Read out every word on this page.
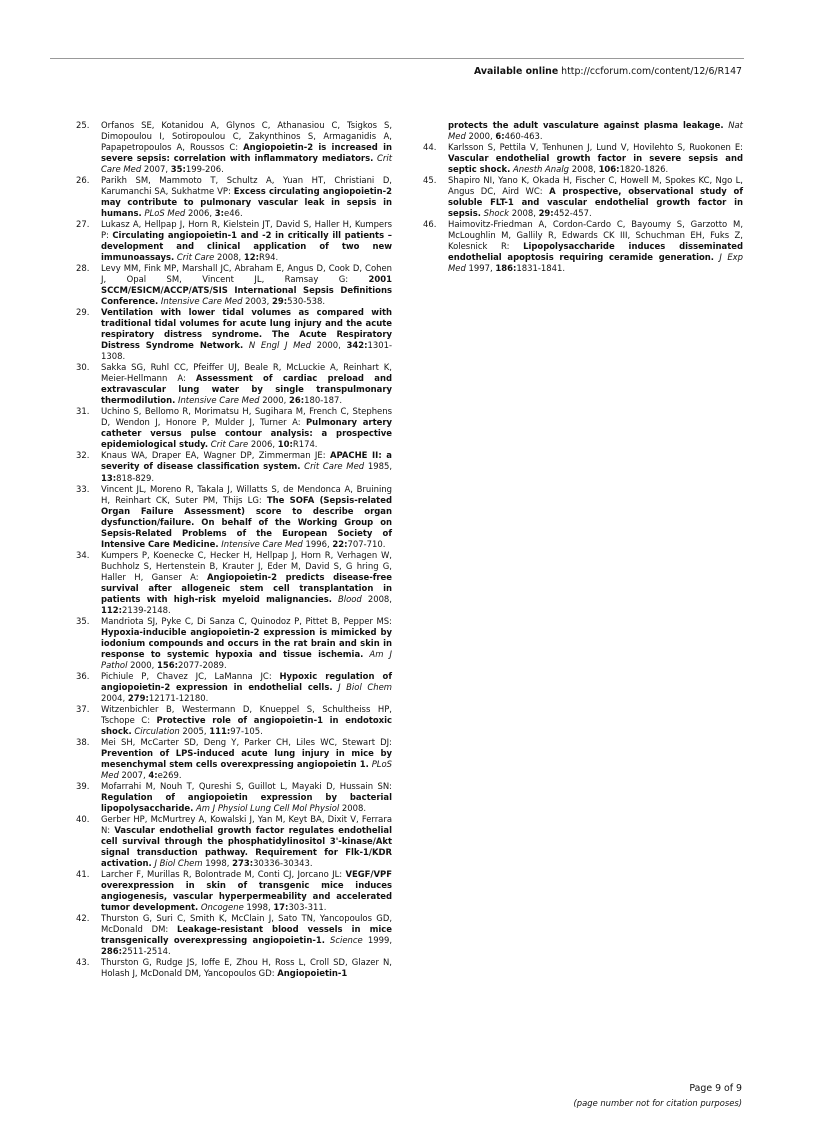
Available online http://ccforum.com/content/12/6/R147
25.	Orfanos SE, Kotanidou A, Glynos C, Athanasiou C, Tsigkos S, Dimopoulou I, Sotiropoulou C, Zakynthinos S, Armaganidis A, Papapetropoulos A, Roussos C: Angiopoietin-2 is increased in severe sepsis: correlation with inflammatory mediators. Crit Care Med 2007, 35:199-206.
26.	Parikh SM, Mammoto T, Schultz A, Yuan HT, Christiani D, Karumanchi SA, Sukhatme VP: Excess circulating angiopoietin-2 may contribute to pulmonary vascular leak in sepsis in humans. PLoS Med 2006, 3:e46.
27.	Lukasz A, Hellpap J, Horn R, Kielstein JT, David S, Haller H, Kumpers P: Circulating angiopoietin-1 and -2 in critically ill patients – development and clinical application of two new immunoassays. Crit Care 2008, 12:R94.
28.	Levy MM, Fink MP, Marshall JC, Abraham E, Angus D, Cook D, Cohen J, Opal SM, Vincent JL, Ramsay G: 2001 SCCM/ESICM/ACCP/ATS/SIS International Sepsis Definitions Conference. Intensive Care Med 2003, 29:530-538.
29.	Ventilation with lower tidal volumes as compared with traditional tidal volumes for acute lung injury and the acute respiratory distress syndrome. The Acute Respiratory Distress Syndrome Network. N Engl J Med 2000, 342:1301-1308.
30.	Sakka SG, Ruhl CC, Pfeiffer UJ, Beale R, McLuckie A, Reinhart K, Meier-Hellmann A: Assessment of cardiac preload and extravascular lung water by single transpulmonary thermodilution. Intensive Care Med 2000, 26:180-187.
31.	Uchino S, Bellomo R, Morimatsu H, Sugihara M, French C, Stephens D, Wendon J, Honore P, Mulder J, Turner A: Pulmonary artery catheter versus pulse contour analysis: a prospective epidemiological study. Crit Care 2006, 10:R174.
32.	Knaus WA, Draper EA, Wagner DP, Zimmerman JE: APACHE II: a severity of disease classification system. Crit Care Med 1985, 13:818-829.
33.	Vincent JL, Moreno R, Takala J, Willatts S, de Mendonca A, Bruining H, Reinhart CK, Suter PM, Thijs LG: The SOFA (Sepsis-related Organ Failure Assessment) score to describe organ dysfunction/failure. On behalf of the Working Group on Sepsis-Related Problems of the European Society of Intensive Care Medicine. Intensive Care Med 1996, 22:707-710.
34.	Kumpers P, Koenecke C, Hecker H, Hellpap J, Horn R, Verhagen W, Buchholz S, Hertenstein B, Krauter J, Eder M, David S, G hring G, Haller H, Ganser A: Angiopoietin-2 predicts disease-free survival after allogeneic stem cell transplantation in patients with high-risk myeloid malignancies. Blood 2008, 112:2139-2148.
35.	Mandriota SJ, Pyke C, Di Sanza C, Quinodoz P, Pittet B, Pepper MS: Hypoxia-inducible angiopoietin-2 expression is mimicked by iodonium compounds and occurs in the rat brain and skin in response to systemic hypoxia and tissue ischemia. Am J Pathol 2000, 156:2077-2089.
36.	Pichiule P, Chavez JC, LaManna JC: Hypoxic regulation of angiopoietin-2 expression in endothelial cells. J Biol Chem 2004, 279:12171-12180.
37.	Witzenbichler B, Westermann D, Knueppel S, Schultheiss HP, Tschope C: Protective role of angiopoietin-1 in endotoxic shock. Circulation 2005, 111:97-105.
38.	Mei SH, McCarter SD, Deng Y, Parker CH, Liles WC, Stewart DJ: Prevention of LPS-induced acute lung injury in mice by mesenchymal stem cells overexpressing angiopoietin 1. PLoS Med 2007, 4:e269.
39.	Mofarrahi M, Nouh T, Qureshi S, Guillot L, Mayaki D, Hussain SN: Regulation of angiopoietin expression by bacterial lipopolysaccharide. Am J Physiol Lung Cell Mol Physiol 2008.
40.	Gerber HP, McMurtrey A, Kowalski J, Yan M, Keyt BA, Dixit V, Ferrara N: Vascular endothelial growth factor regulates endothelial cell survival through the phosphatidylinositol 3'-kinase/Akt signal transduction pathway. Requirement for Flk-1/KDR activation. J Biol Chem 1998, 273:30336-30343.
41.	Larcher F, Murillas R, Bolontrade M, Conti CJ, Jorcano JL: VEGF/VPF overexpression in skin of transgenic mice induces angiogenesis, vascular hyperpermeability and accelerated tumor development. Oncogene 1998, 17:303-311.
42.	Thurston G, Suri C, Smith K, McClain J, Sato TN, Yancopoulos GD, McDonald DM: Leakage-resistant blood vessels in mice transgenically overexpressing angiopoietin-1. Science 1999, 286:2511-2514.
43.	Thurston G, Rudge JS, Ioffe E, Zhou H, Ross L, Croll SD, Glazer N, Holash J, McDonald DM, Yancopoulos GD: Angiopoietin-1
protects the adult vasculature against plasma leakage. Nat Med 2000, 6:460-463.
44.	Karlsson S, Pettila V, Tenhunen J, Lund V, Hovilehto S, Ruokonen E: Vascular endothelial growth factor in severe sepsis and septic shock. Anesth Analg 2008, 106:1820-1826.
45.	Shapiro NI, Yano K, Okada H, Fischer C, Howell M, Spokes KC, Ngo L, Angus DC, Aird WC: A prospective, observational study of soluble FLT-1 and vascular endothelial growth factor in sepsis. Shock 2008, 29:452-457.
46.	Haimovitz-Friedman A, Cordon-Cardo C, Bayoumy S, Garzotto M, McLoughlin M, Gallily R, Edwards CK III, Schuchman EH, Fuks Z, Kolesnick R: Lipopolysaccharide induces disseminated endothelial apoptosis requiring ceramide generation. J Exp Med 1997, 186:1831-1841.
Page 9 of 9
(page number not for citation purposes)
